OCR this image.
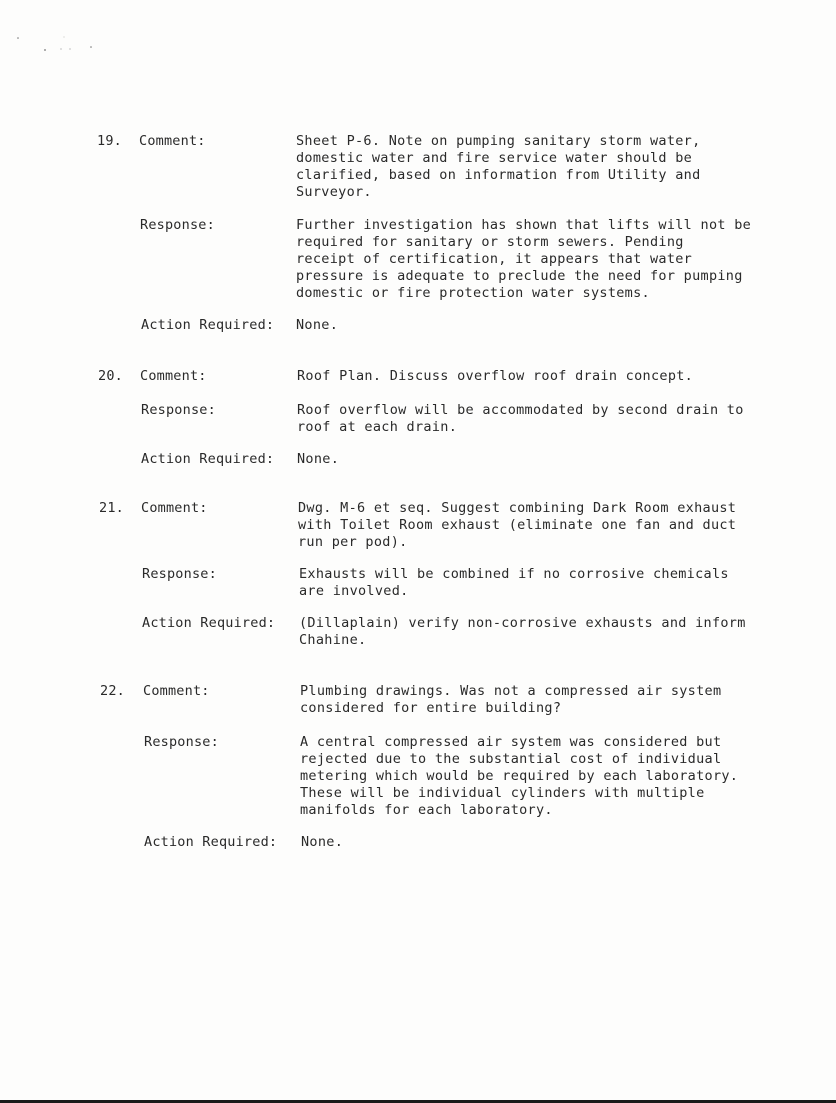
19. Comment:	Sheet P-6. Note on pumping sanitary storm water,
domestic water and fire service water should be
clarified, based on information from Utility and
Surveyor.
Response:	Further investigation has shown that lifts will not be
required for sanitary or storm sewers. Pending
receipt of certification, it appears that water
pressure is adequate to preclude the need for pumping
domestic or fire protection water systems.
Action Required: None.
20. Comment:	Roof Plan. Discuss overflow roof drain concept.
Response:	Roof overflow will be accommodated by second drain to
roof at each drain.
Action Required: None.
21. Comment:	Dwg. M-6 et seq. Suggest combining Dark Room exhaust
with Toilet Room exhaust (eliminate one fan and duct
run per pod).
Response:	Exhausts will be combined if no corrosive chemicals
are involved.
Action Required: (Dillaplain) verify non-corrosive exhausts and inform
Chahine.
22. Comment:	Plumbing drawings. Was not a compressed air system
considered for entire building?
Response:	A central compressed air system was considered but
rejected due to the substantial cost of individual
metering which would be required by each laboratory.
These will be individual cylinders with multiple
manifolds for each laboratory.
Action Required: None.
